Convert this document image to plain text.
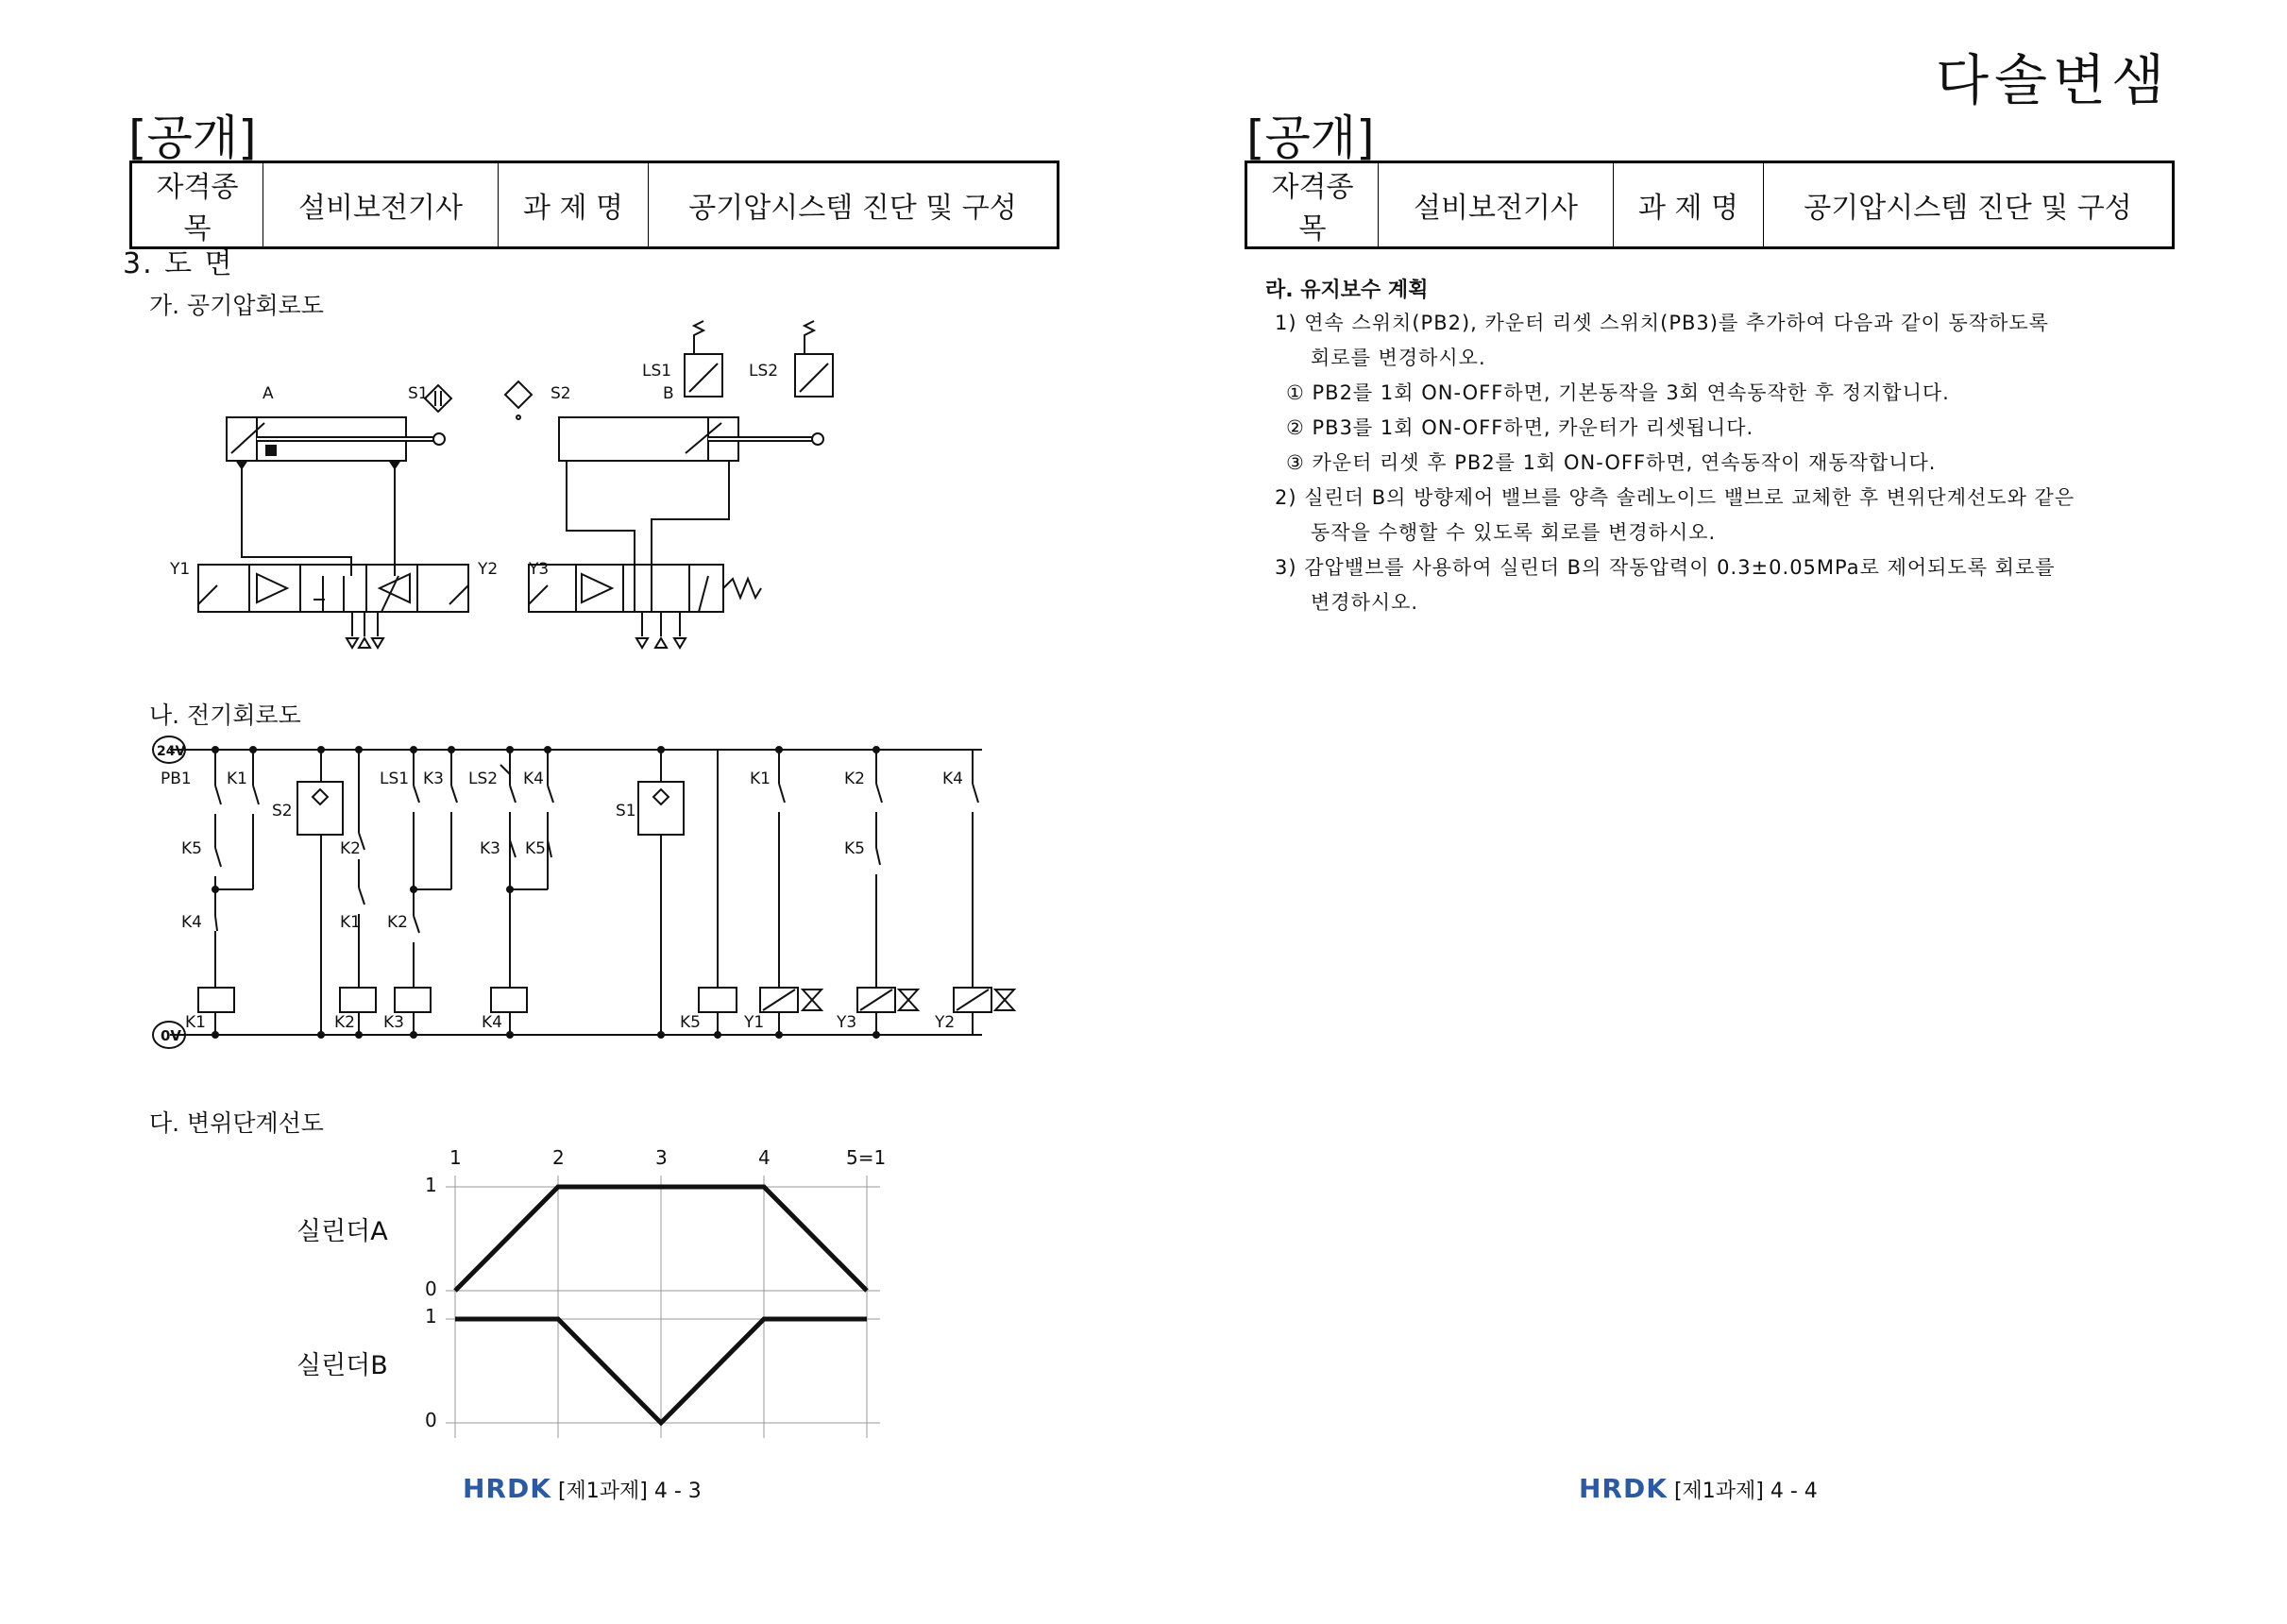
다솔변샘
[공개]
자격종목	설비보전기사	과 제 명	공기압시스템 진단 및 구성
3. 도 면
가. 공기압회로도
A	S1	S2	B
LS1	LS2
Y1	Y2 Y3
나. 전기회로도
24V
0V
PB1 K1
K5
K4
K1
S2
K2
K1
K2
LS1 K3
K2
K3
LS2 K4
K3 K5
K4
S1
K5
K1
Y1
K2
K5
Y3
K4
Y2
다. 변위단계선도
실린더A
실린더B
1
0
1
0
1	2	3	4	5=1
HRDK [제1과제] 4 - 3
[공개]
자격종목	설비보전기사	과 제 명	공기압시스템 진단 및 구성
라. 유지보수 계획
1) 연속 스위치(PB2), 카운터 리셋 스위치(PB3)를 추가하여 다음과 같이 동작하도록
회로를 변경하시오.
① PB2를 1회 ON-OFF하면, 기본동작을 3회 연속동작한 후 정지합니다.
② PB3를 1회 ON-OFF하면, 카운터가 리셋됩니다.
③ 카운터 리셋 후 PB2를 1회 ON-OFF하면, 연속동작이 재동작합니다.
2) 실린더 B의 방향제어 밸브를 양측 솔레노이드 밸브로 교체한 후 변위단계선도와 같은
동작을 수행할 수 있도록 회로를 변경하시오.
3) 감압밸브를 사용하여 실린더 B의 작동압력이 0.3±0.05MPa로 제어되도록 회로를
변경하시오.
HRDK [제1과제] 4 - 4
